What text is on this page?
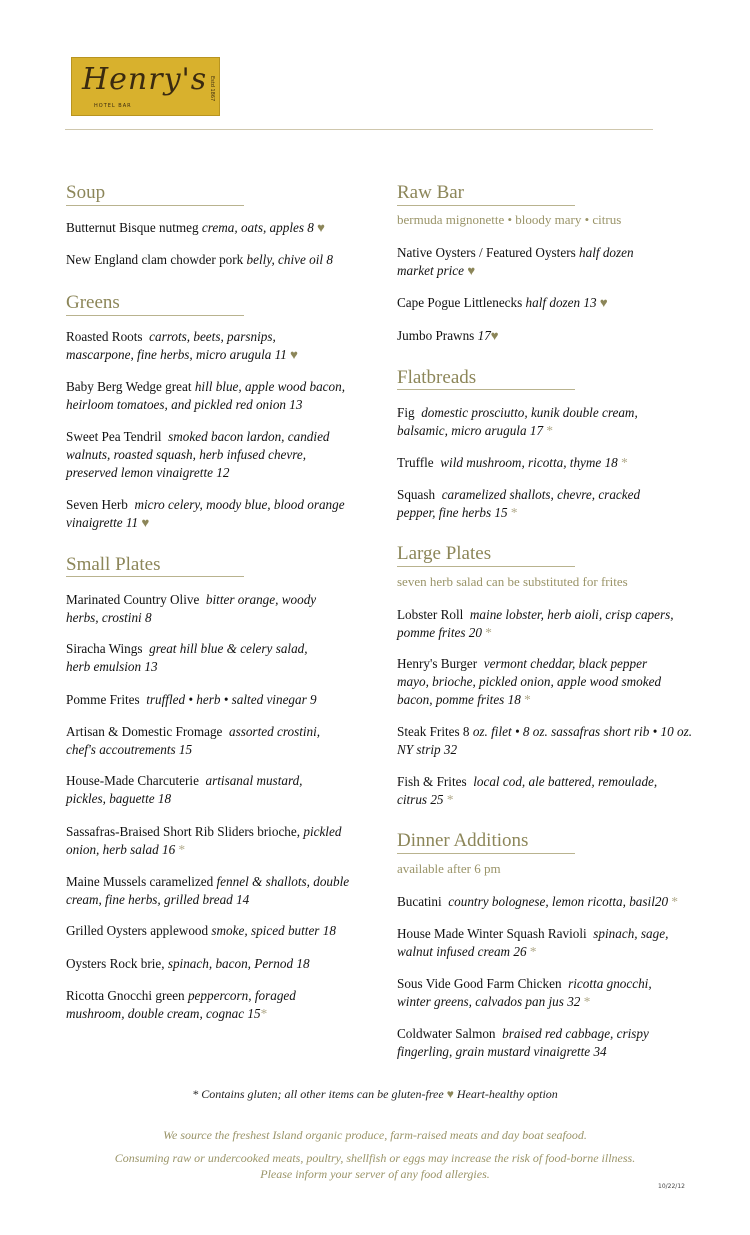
Henry's
HOTEL BAR
Estd 1867
Soup
Butternut Bisque nutmeg crema, oats, apples 8 ♥
New England clam chowder pork belly, chive oil 8
Greens
Roasted Roots carrots, beets, parsnips, mascarpone, fine herbs, micro arugula 11 ♥
Baby Berg Wedge great hill blue, apple wood bacon, heirloom tomatoes, and pickled red onion 13
Sweet Pea Tendril smoked bacon lardon, candied walnuts, roasted squash, herb infused chevre, preserved lemon vinaigrette 12
Seven Herb micro celery, moody blue, blood orange vinaigrette 11 ♥
Small Plates
Marinated Country Olive bitter orange, woody herbs, crostini 8
Siracha Wings great hill blue & celery salad, herb emulsion 13
Pomme Frites truffled • herb • salted vinegar 9
Artisan & Domestic Fromage assorted crostini, chef's accoutrements 15
House-Made Charcuterie artisanal mustard, pickles, baguette 18
Sassafras-Braised Short Rib Sliders brioche, pickled onion, herb salad 16 *
Maine Mussels caramelized fennel & shallots, double cream, fine herbs, grilled bread 14
Grilled Oysters applewood smoke, spiced butter 18
Oysters Rock brie, spinach, bacon, Pernod 18
Ricotta Gnocchi green peppercorn, foraged mushroom, double cream, cognac 15*
Raw Bar
bermuda mignonette • bloody mary • citrus
Native Oysters / Featured Oysters half dozen market price ♥
Cape Pogue Littlenecks half dozen 13 ♥
Jumbo Prawns 17♥
Flatbreads
Fig domestic prosciutto, kunik double cream, balsamic, micro arugula 17 *
Truffle wild mushroom, ricotta, thyme 18 *
Squash caramelized shallots, chevre, cracked pepper, fine herbs 15 *
Large Plates
seven herb salad can be substituted for frites
Lobster Roll maine lobster, herb aioli, crisp capers, pomme frites 20 *
Henry's Burger vermont cheddar, black pepper mayo, brioche, pickled onion, apple wood smoked bacon, pomme frites 18 *
Steak Frites 8 oz. filet • 8 oz. sassafras short rib • 10 oz. NY strip 32
Fish & Frites local cod, ale battered, remoulade, citrus 25 *
Dinner Additions
available after 6 pm
Bucatini country bolognese, lemon ricotta, basil20 *
House Made Winter Squash Ravioli spinach, sage, walnut infused cream 26 *
Sous Vide Good Farm Chicken ricotta gnocchi, winter greens, calvados pan jus 32 *
Coldwater Salmon braised red cabbage, crispy fingerling, grain mustard vinaigrette 34
* Contains gluten; all other items can be gluten-free ♥ Heart-healthy option
We source the freshest Island organic produce, farm-raised meats and day boat seafood.
Consuming raw or undercooked meats, poultry, shellfish or eggs may increase the risk of food-borne illness.
Please inform your server of any food allergies.
10/22/12
